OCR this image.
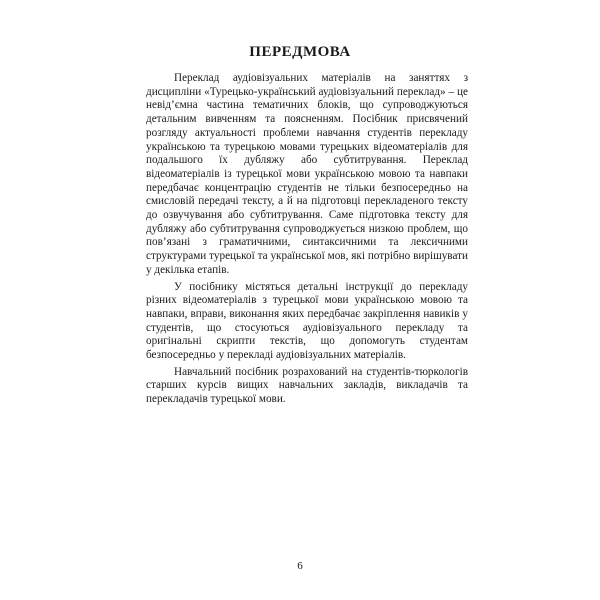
ПЕРЕДМОВА

Переклад аудіовізуальних матеріалів на заняттях з дисципліни «Турецько-український аудіовізуальний переклад» – це невід’ємна частина тематичних блоків, що супроводжуються детальним вивченням та поясненням. Посібник присвячений розгляду актуальності проблеми навчання студентів перекладу українською та турецькою мовами турецьких відеоматеріалів для подальшого їх дубляжу або субтитрування. Переклад відеоматеріалів із турецької мови українською мовою та навпаки передбачає концентрацію студентів не тільки безпосередньо на смисловій передачі тексту, а й на підготовці перекладеного тексту до озвучування або субтитрування. Саме підготовка тексту для дубляжу або субтитрування супроводжується низкою проблем, що пов’язані з граматичними, синтаксичними та лексичними структурами турецької та української мов, які потрібно вирішувати у декілька етапів.

У посібнику містяться детальні інструкції до перекладу різних відеоматеріалів з турецької мови українською мовою та навпаки, вправи, виконання яких передбачає закріплення навиків у студентів, що стосуються аудіовізуального перекладу та оригінальні скрипти текстів, що допомогуть студентам безпосередньо у перекладі аудіовізуальних матеріалів.

Навчальний посібник розрахований на студентів-тюркологів старших курсів вищих навчальних закладів, викладачів та перекладачів турецької мови.

6
